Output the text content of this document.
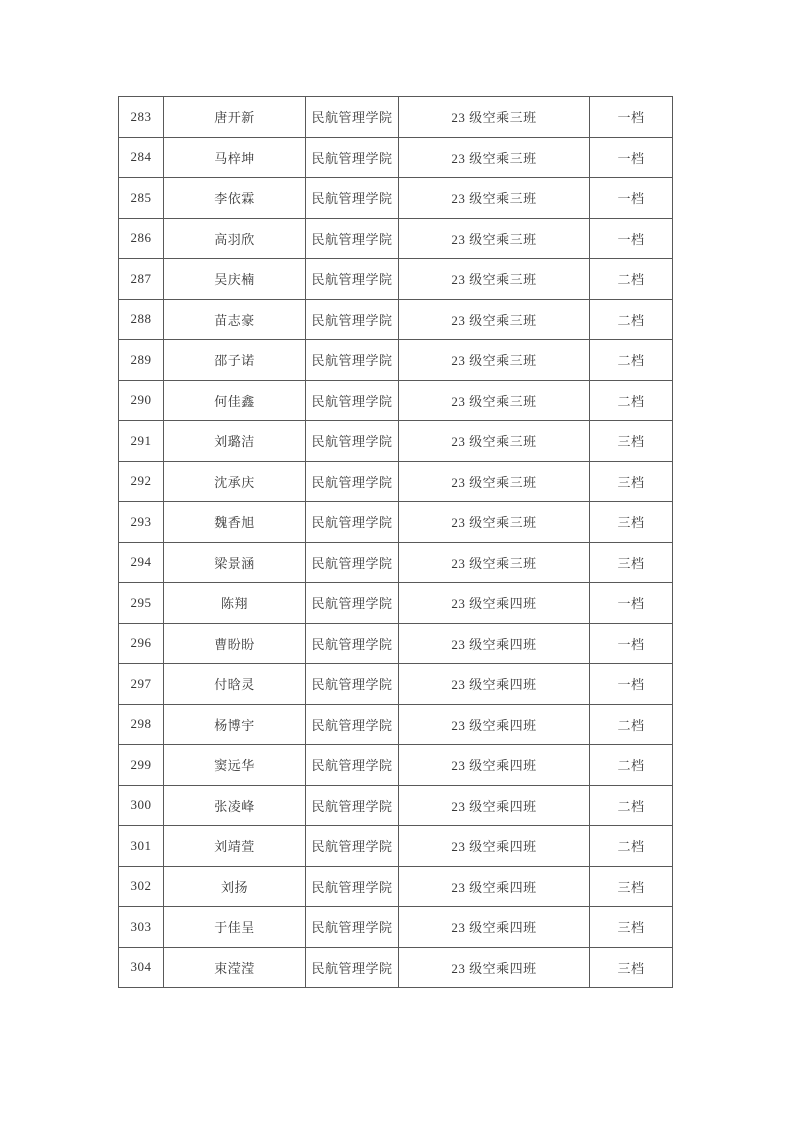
283	唐开新	民航管理学院	23 级空乘三班	一档
284	马梓坤	民航管理学院	23 级空乘三班	一档
285	李依霖	民航管理学院	23 级空乘三班	一档
286	高羽欣	民航管理学院	23 级空乘三班	一档
287	吴庆楠	民航管理学院	23 级空乘三班	二档
288	苗志豪	民航管理学院	23 级空乘三班	二档
289	邵子诺	民航管理学院	23 级空乘三班	二档
290	何佳鑫	民航管理学院	23 级空乘三班	二档
291	刘璐洁	民航管理学院	23 级空乘三班	三档
292	沈承庆	民航管理学院	23 级空乘三班	三档
293	魏香旭	民航管理学院	23 级空乘三班	三档
294	梁景涵	民航管理学院	23 级空乘三班	三档
295	陈翔	民航管理学院	23 级空乘四班	一档
296	曹盼盼	民航管理学院	23 级空乘四班	一档
297	付晗灵	民航管理学院	23 级空乘四班	一档
298	杨博宇	民航管理学院	23 级空乘四班	二档
299	窦远华	民航管理学院	23 级空乘四班	二档
300	张凌峰	民航管理学院	23 级空乘四班	二档
301	刘靖萱	民航管理学院	23 级空乘四班	二档
302	刘扬	民航管理学院	23 级空乘四班	三档
303	于佳呈	民航管理学院	23 级空乘四班	三档
304	束滢滢	民航管理学院	23 级空乘四班	三档
